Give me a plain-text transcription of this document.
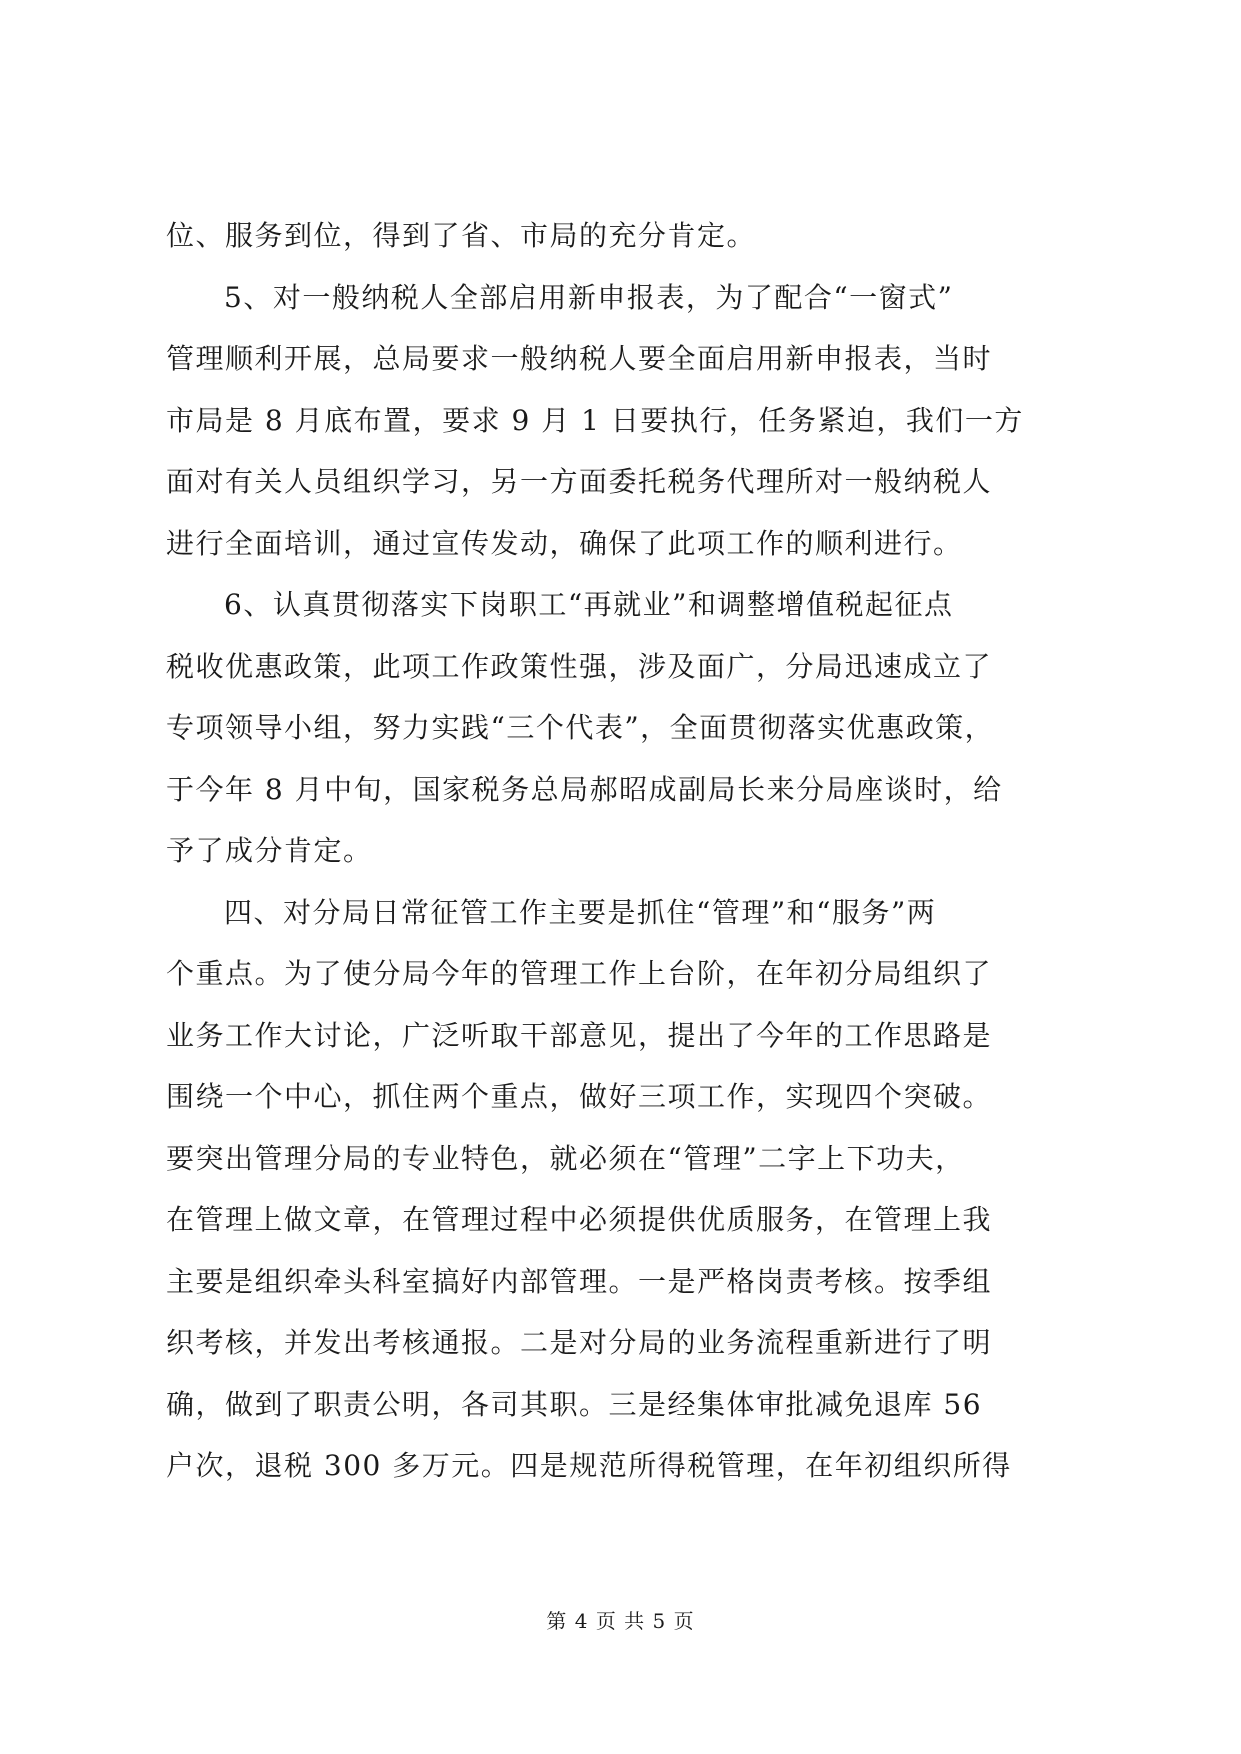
位、服务到位，得到了省、市局的充分肯定。
5、对一般纳税人全部启用新申报表，为了配合“一窗式”
管理顺利开展，总局要求一般纳税人要全面启用新申报表，当时
市局是 8 月底布置，要求 9 月 1 日要执行，任务紧迫，我们一方
面对有关人员组织学习，另一方面委托税务代理所对一般纳税人
进行全面培训，通过宣传发动，确保了此项工作的顺利进行。
6、认真贯彻落实下岗职工“再就业”和调整增值税起征点
税收优惠政策，此项工作政策性强，涉及面广，分局迅速成立了
专项领导小组，努力实践“三个代表”，全面贯彻落实优惠政策，
于今年 8 月中旬，国家税务总局郝昭成副局长来分局座谈时，给
予了成分肯定。
四、对分局日常征管工作主要是抓住“管理”和“服务”两
个重点。为了使分局今年的管理工作上台阶，在年初分局组织了
业务工作大讨论，广泛听取干部意见，提出了今年的工作思路是
围绕一个中心，抓住两个重点，做好三项工作，实现四个突破。
要突出管理分局的专业特色，就必须在“管理”二字上下功夫，
在管理上做文章，在管理过程中必须提供优质服务，在管理上我
主要是组织牵头科室搞好内部管理。一是严格岗责考核。按季组
织考核，并发出考核通报。二是对分局的业务流程重新进行了明
确，做到了职责公明，各司其职。三是经集体审批减免退库 56
户次，退税 300 多万元。四是规范所得税管理，在年初组织所得
第 4 页 共 5 页
